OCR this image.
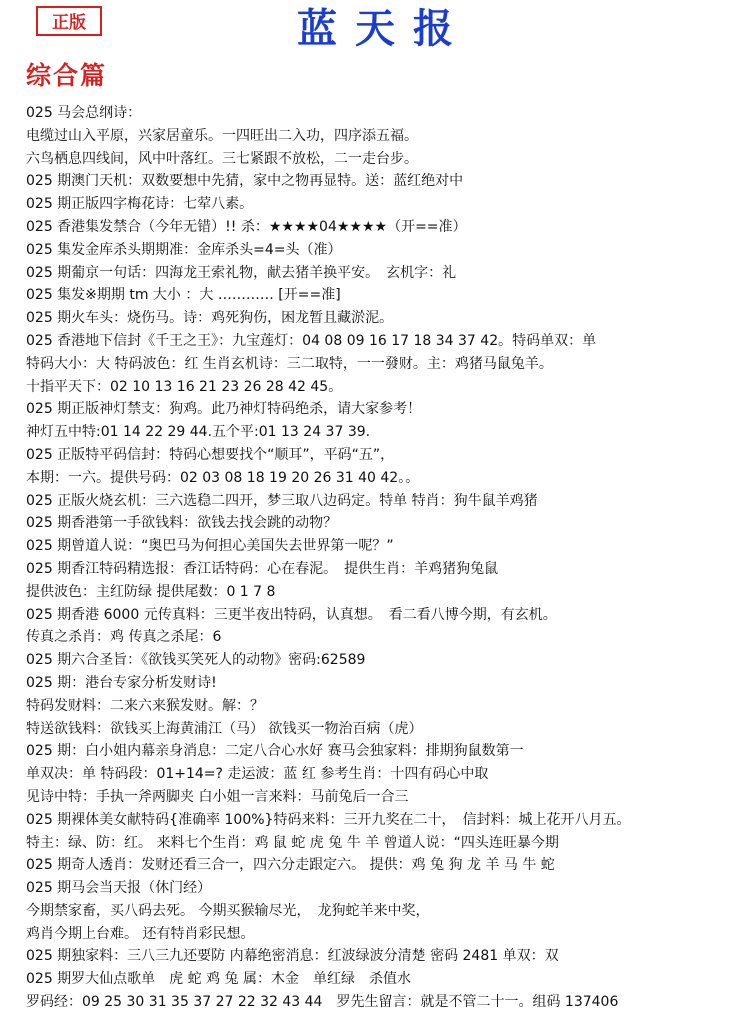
正版	蓝天报
综合篇
025 马会总纲诗：
电缆过山入平原，兴家居童乐。一四旺出二入功，四序添五福。
六鸟栖息四线间，风中叶落红。三七紧跟不放松，二一走台步。
025 期澳门天机：双数要想中先猜，家中之物再显特。送：蓝红绝对中
025 期正版四字梅花诗：七荤八素。
025 香港集发禁合（今年无错）!! 杀：★★★★04★★★★（开==准）
025 集发金库杀头期期准：金库杀头=4=头（准）
025 期葡京一句话：四海龙王索礼物，献去猪羊换平安。　玄机字：礼
025 集发※期期 tm 大小 ：大 ………… [开==准]
025 期火车头：烧伤马。诗：鸡死狗伤，困龙暂且藏淤泥。
025 香港地下信封《千王之王》：九宝莲灯：04 08 09 16 17 18 34 37 42。特码单双：单
特码大小：大 特码波色：红 生肖玄机诗：三二取特，一一發财。主：鸡猪马鼠兔羊。
十指平天下：02 10 13 16 21 23 26 28 42 45。
025 期正版神灯禁支：狗鸡。此乃神灯特码绝杀，请大家参考！
神灯五中特:01 14 22 29 44.五个平:01 13 24 37 39.
025 正版特平码信封：特码心想要找个“顺耳”，平码“五”，
本期：一六。提供号码：02 03 08 18 19 20 26 31 40 42。。
025 正版火烧玄机：三六选稳二四开，梦三取八边码定。特单 特肖：狗牛鼠羊鸡猪
025 期香港第一手欲钱料：欲钱去找会跳的动物？
025 期曾道人说：“奥巴马为何担心美国失去世界第一呢？”
025 期香江特码精选报：香江话特码：心在春泥。　提供生肖：羊鸡猪狗兔鼠
提供波色：主红防绿 提供尾数：0 1 7 8
025 期香港 6000 元传真料：三更半夜出特码，认真想。　看二看八博今期，有玄机。
传真之杀肖：鸡 传真之杀尾：6
025 期六合圣旨：《欲钱买笑死人的动物》密码:62589
025 期：港台专家分析发财诗!
特码发财料：二来六来猴发财。解：？
特送欲钱料：欲钱买上海黄浦江（马） 欲钱买一物治百病（虎）
025 期：白小姐内幕亲身消息：二定八合心水好 赛马会独家料：排期狗鼠数第一
单双决：单 特码段：01+14=? 走运波：蓝 红 参考生肖：十四有码心中取
见诗中特：手执一斧两脚夹 白小姐一言来料：马前兔后一合三
025 期裸体美女献特码{准确率 100%}特码来料：三开九奖在二十，　信封料：城上花开八月五。
特主：绿、防：红。 来料七个生肖：鸡 鼠 蛇 虎 兔 牛 羊 曾道人说：“四头连旺暴今期
025 期奇人透肖：发财还看三合一，四六分走跟定六。 提供：鸡 兔 狗 龙 羊 马 牛 蛇
025 期马会当天报（休门经）
今期禁家畜，买八码去死。 今期买猴输尽光，　龙狗蛇羊来中奖，
鸡肖今期上台难。 还有特肖彩民想。
025 期独家料：三八三九还要防 内幕绝密消息：红波绿波分清楚 密码 2481 单双：双
025 期罗大仙点歌单　虎 蛇 鸡 兔 属：木金　单红绿　杀值水
罗码经：09 25 30 31 35 37 27 22 32 43 44　罗先生留言：就是不管二十一。组码 137406
